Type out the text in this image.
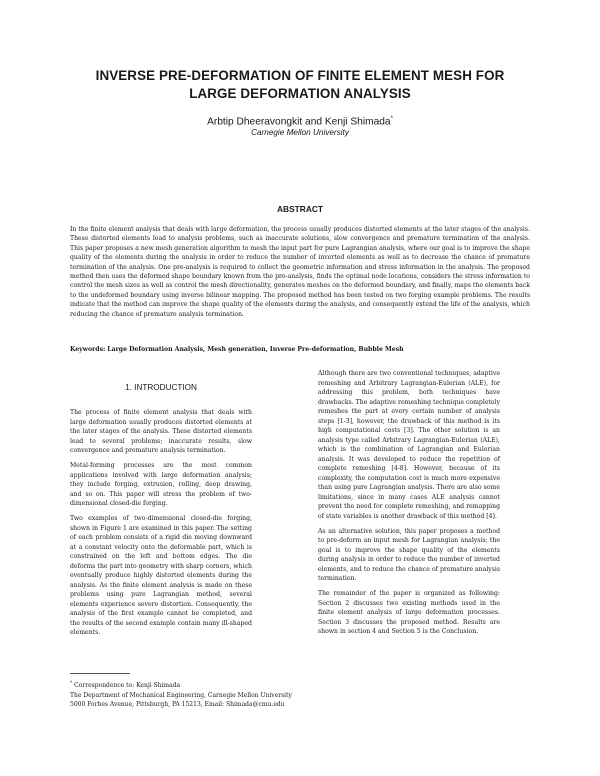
INVERSE PRE-DEFORMATION OF FINITE ELEMENT MESH FOR
LARGE DEFORMATION ANALYSIS
Arbtip Dheeravongkit and Kenji Shimada*
Carnegie Mellon University
ABSTRACT

In the finite element analysis that deals with large deformation, the process usually produces distorted elements at the later stages of the analysis. These distorted elements lead to analysis problems, such as inaccurate solutions, slow convergence and premature termination of the analysis. This paper proposes a new mesh generation algorithm to mesh the input part for pure Lagrangian analysis, where our goal is to improve the shape quality of the elements during the analysis in order to reduce the number of inverted elements as well as to decrease the chance of premature termination of the analysis. One pre-analysis is required to collect the geometric information and stress information in the analysis. The proposed method then uses the deformed shape boundary known from the pre-analysis, finds the optimal node locations, considers the stress information to control the mesh sizes as well as control the mesh directionality, generates meshes on the deformed boundary, and finally, maps the elements back to the undeformed boundary using inverse bilinear mapping. The proposed method has been tested on two forging example problems. The results indicate that the method can improve the shape quality of the elements during the analysis, and consequently extend the life of the analysis, which reducing the chance of premature analysis termination.

Keywords: Large Deformation Analysis, Mesh generation, Inverse Pre-deformation, Bubble Mesh

1. INTRODUCTION

The process of finite element analysis that deals with large deformation usually produces distorted elements at the later stages of the analysis. These distorted elements lead to several problems; inaccurate results, slow convergence and premature analysis termination.

Metal-forming processes are the most common applications involved with large deformation analysis; they include forging, extrusion, rolling, deep drawing, and so on. This paper will stress the problem of two-dimensional closed-die forging.

Two examples of two-dimensional closed-die forging, shown in Figure 1 are examined in this paper. The setting of each problem consists of a rigid die moving downward at a constant velocity onto the deformable part, which is constrained on the left and bottom edges. The die deforms the part into geometry with sharp corners, which eventually produce highly distorted elements during the analysis. As the finite element analysis is made on these problems using pure Lagrangian method, several elements experience severe distortion. Consequently, the analysis of the first example cannot be completed, and the results of the second example contain many ill-shaped elements.

Although there are two conventional techniques, adaptive remeshing and Arbitrary Lagrangian-Eulerian (ALE), for addressing this problem, both techniques have drawbacks. The adaptive remeshing technique completely remeshes the part at every certain number of analysis steps [1-3], however, the drawback of this method is its high computational costs [3]. The other solution is an analysis type called Arbitrary Lagrangian-Eulerian (ALE), which is the combination of Lagrangian and Eulerian analysis. It was developed to reduce the repetition of complete remeshing [4-8]. However, because of its complexity, the computation cost is much more expensive than using pure Lagrangian analysis. There are also some limitations, since in many cases ALE analysis cannot prevent the need for complete remeshing, and remapping of state variables is another drawback of this method [4].

As an alternative solution, this paper proposes a method to pre-deform an input mesh for Lagrangian analysis; the goal is to improve the shape quality of the elements during analysis in order to reduce the number of inverted elements, and to reduce the chance of premature analysis termination.

The remainder of the paper is organized as following: Section 2 discusses two existing methods used in the finite element analysis of large deformation processes. Section 3 discusses the proposed method. Results are shown in section 4 and Section 5 is the Conclusion.

* Correspondence to: Kenji Shimada
The Department of Mechanical Engineering, Carnegie Mellon University
5000 Forbes Avenue, Pittsburgh, PA 15213, Email: Shimada@cmu.edu
